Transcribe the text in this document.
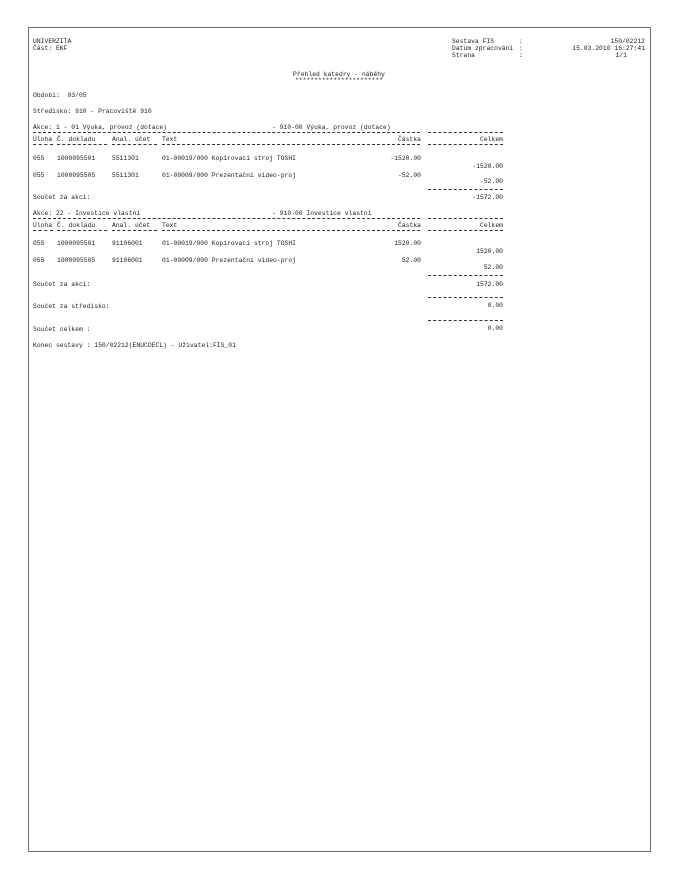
UNIVERZITA
Část: EKF
Sestava FIS	:	150/02212
Datum zpracování :	15.03.2010 16:27:41
Strana	:	1/1
Přehled katedry - náběhy
***********************
Období:  03/05
Středisko: 910 - Pracoviště 910
Akce: 1 - 01 Výuka, provoz (dotace)	- 910-00 Výuka, provoz (dotace)
Úloha Č. dokladu	Anal. účet Text	Částka	Celkem
055 1000095501	5511301	01-00019/000 Kopírovací stroj TOSHI	-1520.00
-1520.00
055 1000095505	5511301	01-00009/000 Prezentační video-proj	-52.00
-52.00
Součet za akci:	-1572.00
Akce: 22 - Investice vlastní	- 910-00 Investice vlastní
Úloha Č. dokladu	Anal. účet Text	Částka	Celkem
055 1000095501	91106001	01-00019/000 Kopírovací stroj TOSHI	1520.00
1520.00
055 1000095505	91106001	01-00009/000 Prezentační video-proj	52.00
52.00
Součet za akci:	1572.00
Součet za středisko:	0.00
Součet celkem :	0.00
Konec sestavy : 150/02212(ENUCDECL) - Uživatel:FIS_01
